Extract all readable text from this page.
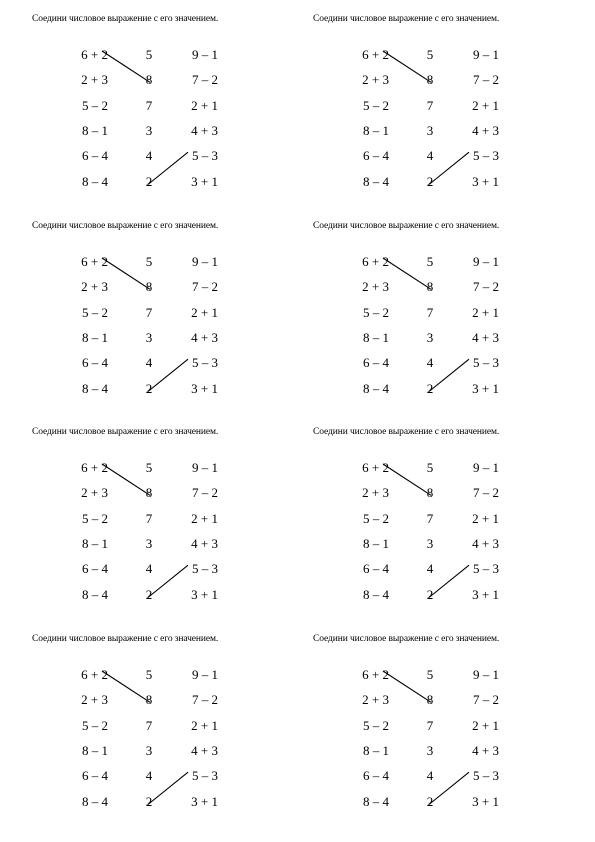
Соедини числовое выражение с его значением.
6 + 2	5	9 – 1
2 + 3	8	7 – 2
5 – 2	7	2 + 1
8 – 1	3	4 + 3
6 – 4	4	5 – 3
8 – 4	2	3 + 1
Соедини числовое выражение с его значением.
6 + 2	5	9 – 1
2 + 3	8	7 – 2
5 – 2	7	2 + 1
8 – 1	3	4 + 3
6 – 4	4	5 – 3
8 – 4	2	3 + 1
Соедини числовое выражение с его значением.
6 + 2	5	9 – 1
2 + 3	8	7 – 2
5 – 2	7	2 + 1
8 – 1	3	4 + 3
6 – 4	4	5 – 3
8 – 4	2	3 + 1
Соедини числовое выражение с его значением.
6 + 2	5	9 – 1
2 + 3	8	7 – 2
5 – 2	7	2 + 1
8 – 1	3	4 + 3
6 – 4	4	5 – 3
8 – 4	2	3 + 1
Соедини числовое выражение с его значением.
6 + 2	5	9 – 1
2 + 3	8	7 – 2
5 – 2	7	2 + 1
8 – 1	3	4 + 3
6 – 4	4	5 – 3
8 – 4	2	3 + 1
Соедини числовое выражение с его значением.
6 + 2	5	9 – 1
2 + 3	8	7 – 2
5 – 2	7	2 + 1
8 – 1	3	4 + 3
6 – 4	4	5 – 3
8 – 4	2	3 + 1
Соедини числовое выражение с его значением.
6 + 2	5	9 – 1
2 + 3	8	7 – 2
5 – 2	7	2 + 1
8 – 1	3	4 + 3
6 – 4	4	5 – 3
8 – 4	2	3 + 1
Соедини числовое выражение с его значением.
6 + 2	5	9 – 1
2 + 3	8	7 – 2
5 – 2	7	2 + 1
8 – 1	3	4 + 3
6 – 4	4	5 – 3
8 – 4	2	3 + 1
